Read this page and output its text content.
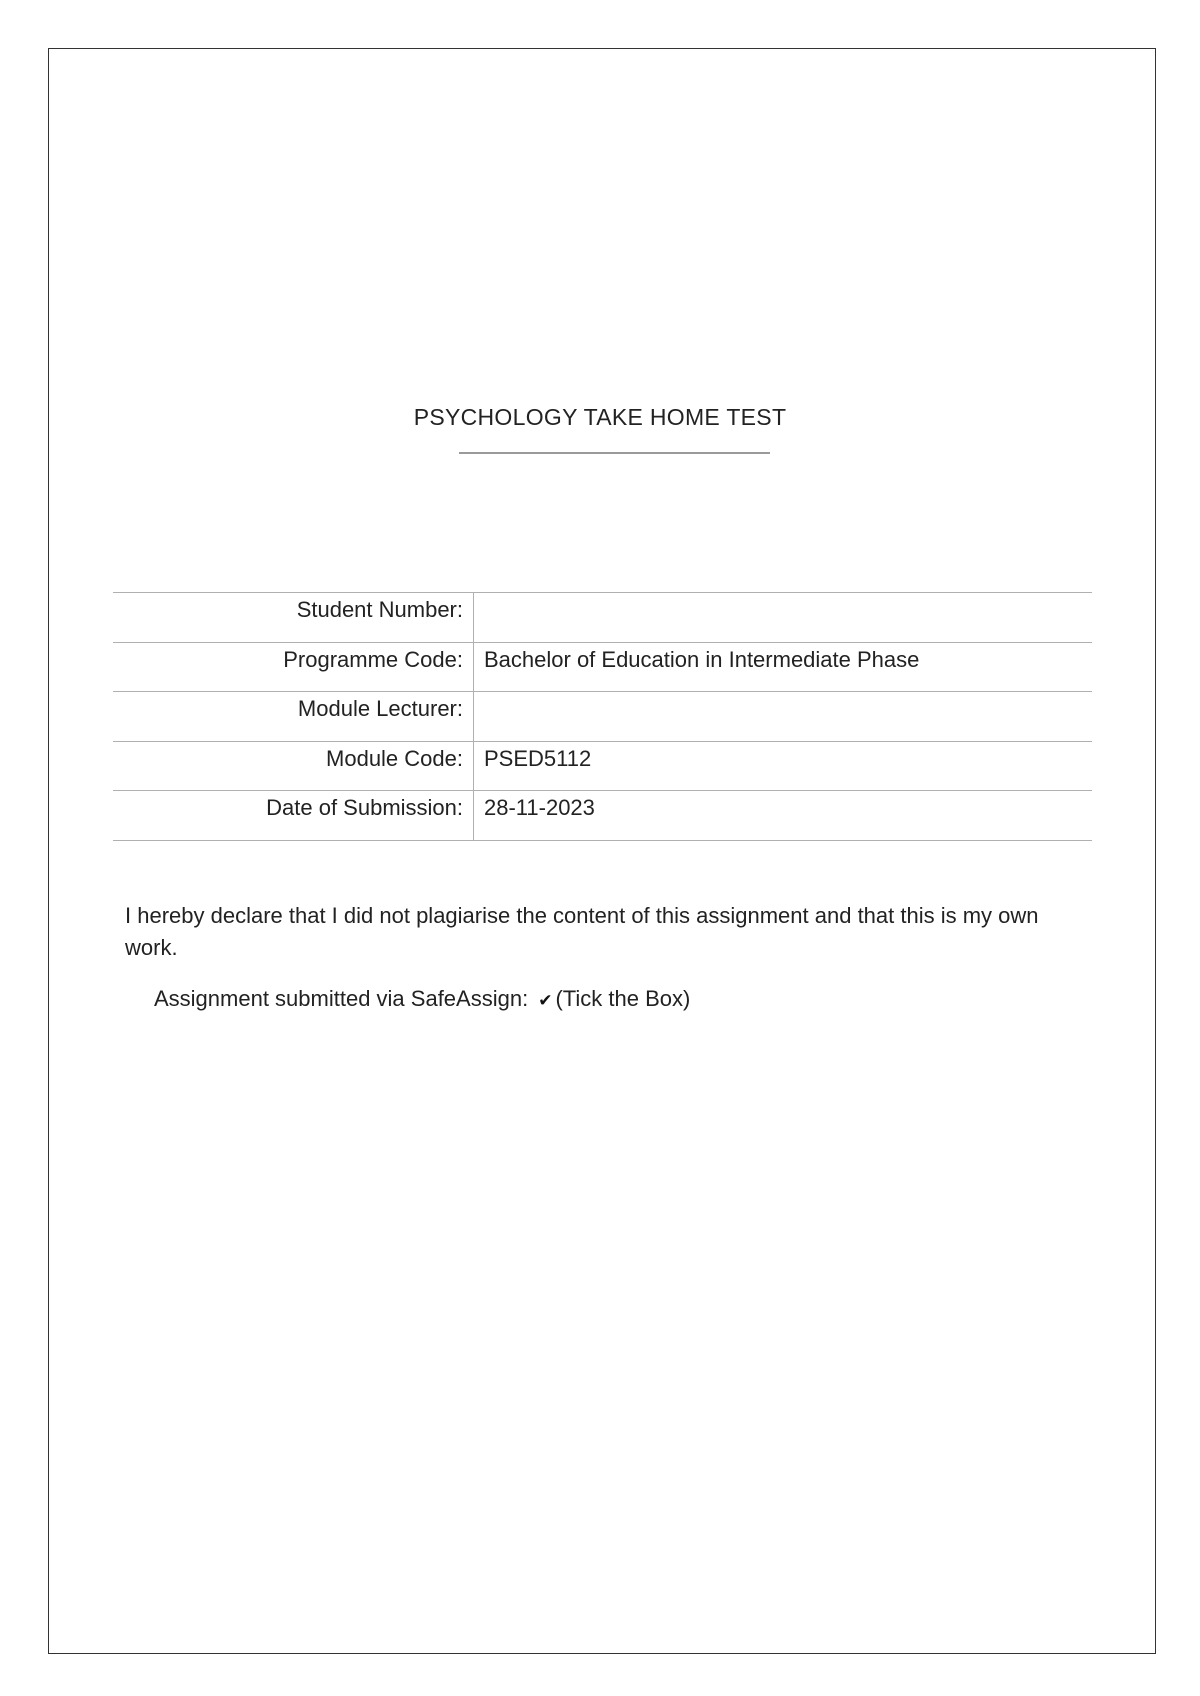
PSYCHOLOGY TAKE HOME TEST
Student Number:	
Programme Code:	Bachelor of Education in Intermediate Phase
Module Lecturer:	
Module Code:	PSED5112
Date of Submission:	28-11-2023
I hereby declare that I did not plagiarise the content of this assignment and that this is my own work.
Assignment submitted via SafeAssign: ✔ (Tick the Box)
